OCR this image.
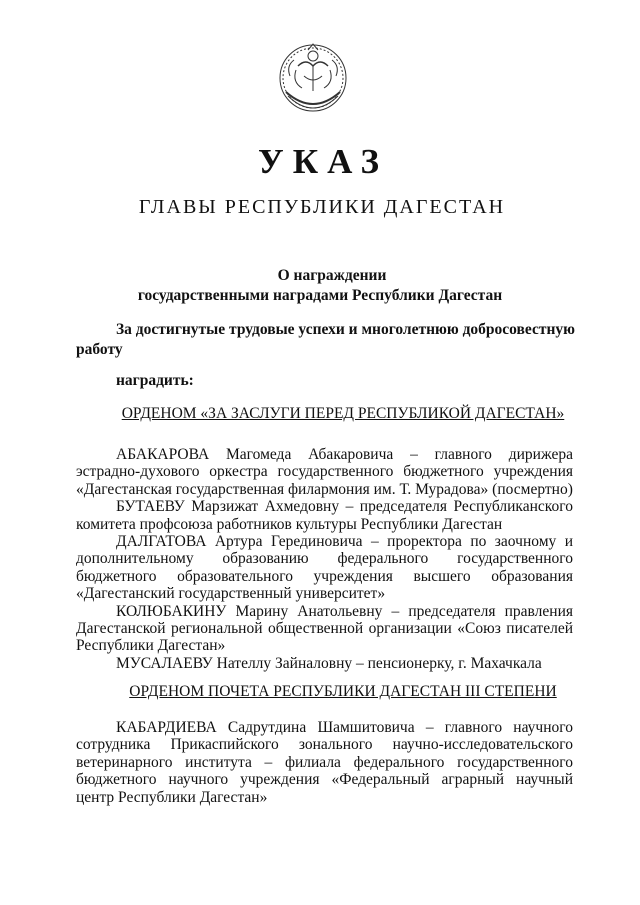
УКАЗ
ГЛАВЫ РЕСПУБЛИКИ ДАГЕСТАН
О награждении
государственными наградами Республики Дагестан
За достигнутые трудовые успехи и многолетнюю добросовестную
работу
наградить:
ОРДЕНОМ «ЗА ЗАСЛУГИ ПЕРЕД РЕСПУБЛИКОЙ ДАГЕСТАН»

АБАКАРОВА Магомеда Абакаровича – главного дирижера эстрадно-духового оркестра государственного бюджетного учреждения «Дагестанская государственная филармония им. Т. Мурадова» (посмертно)

БУТАЕВУ Марзижат Ахмедовну – председателя Республиканского комитета профсоюза работников культуры Республики Дагестан

ДАЛГАТОВА Артура Герединовича – проректора по заочному и дополнительному образованию федерального государственного бюджетного образовательного учреждения высшего образования «Дагестанский государственный университет»

КОЛЮБАКИНУ Марину Анатольевну – председателя правления Дагестанской региональной общественной организации «Союз писателей Республики Дагестан»

МУСАЛАЕВУ Нателлу Зайналовну – пенсионерку, г. Махачкала

ОРДЕНОМ ПОЧЕТА РЕСПУБЛИКИ ДАГЕСТАН III СТЕПЕНИ

КАБАРДИЕВА Садрутдина Шамшитовича – главного научного сотрудника Прикаспийского зонального научно-исследовательского ветеринарного института – филиала федерального государственного бюджетного научного учреждения «Федеральный аграрный научный центр Республики Дагестан»
